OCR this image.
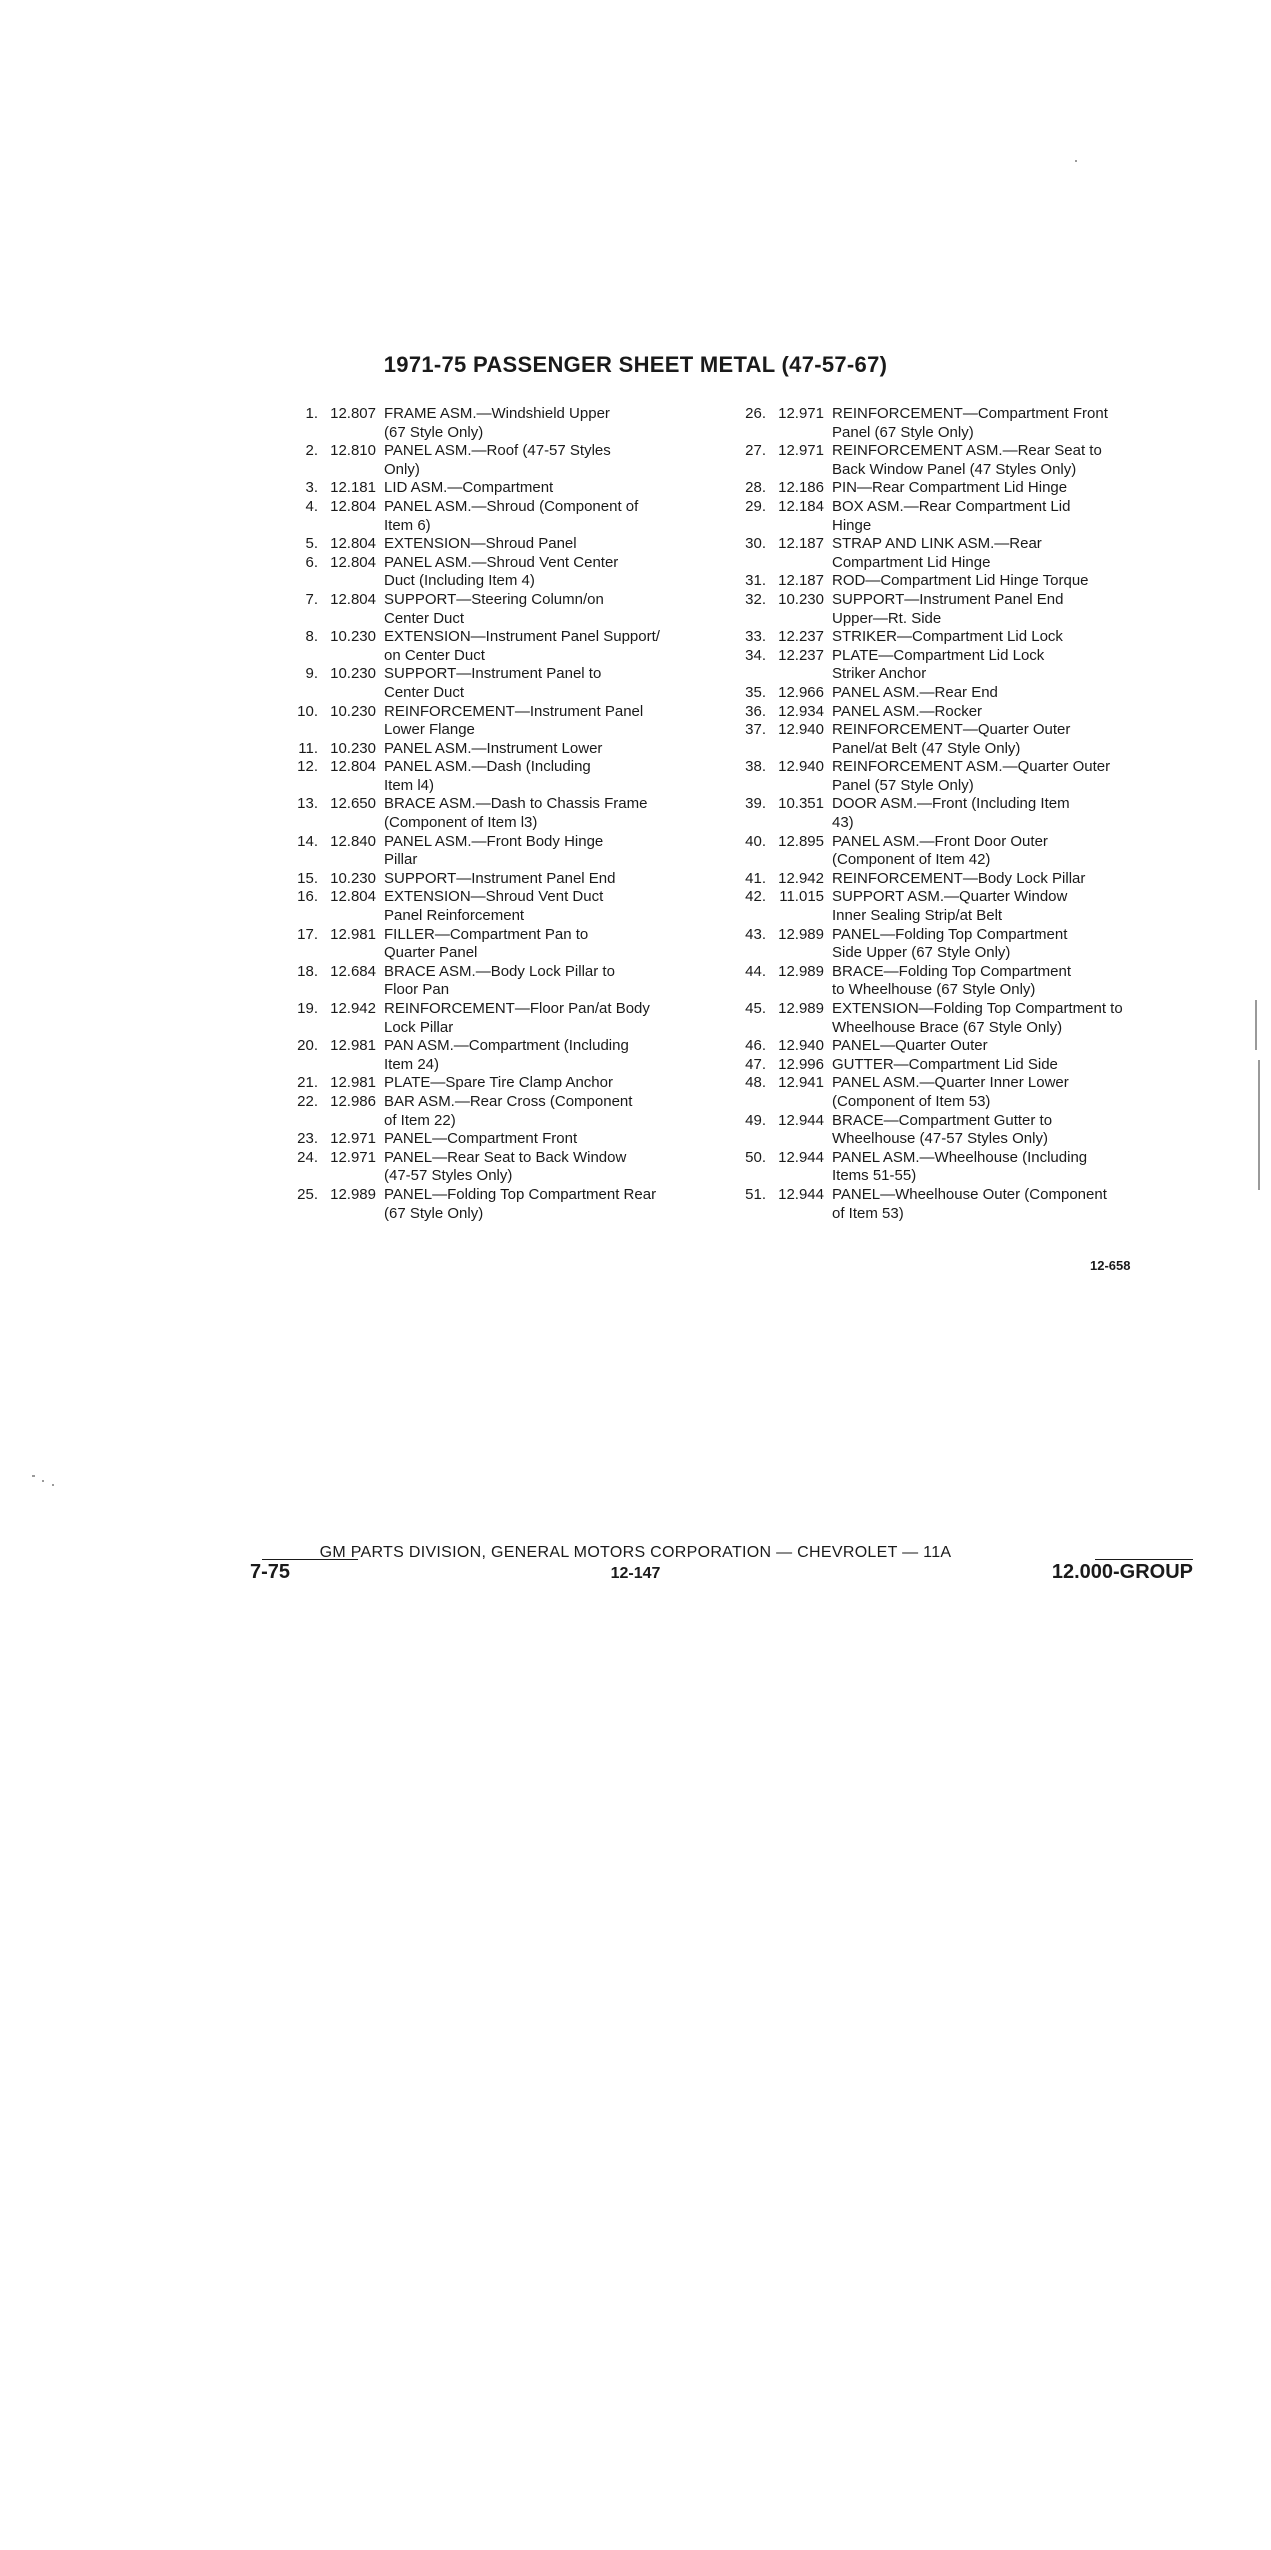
1971-75 PASSENGER SHEET METAL (47-57-67)
1. 12.807 FRAME ASM.—Windshield Upper
(67 Style Only)
2. 12.810 PANEL ASM.—Roof (47-57 Styles
Only)
3. 12.181 LID ASM.—Compartment
4. 12.804 PANEL ASM.—Shroud (Component of
Item 6)
5. 12.804 EXTENSION—Shroud Panel
6. 12.804 PANEL ASM.—Shroud Vent Center
Duct (Including Item 4)
7. 12.804 SUPPORT—Steering Column/on
Center Duct
8. 10.230 EXTENSION—Instrument Panel Support/
on Center Duct
9. 10.230 SUPPORT—Instrument Panel to
Center Duct
10. 10.230 REINFORCEMENT—Instrument Panel
Lower Flange
11. 10.230 PANEL ASM.—Instrument Lower
12. 12.804 PANEL ASM.—Dash (Including
Item l4)
13. 12.650 BRACE ASM.—Dash to Chassis Frame
(Component of Item l3)
14. 12.840 PANEL ASM.—Front Body Hinge
Pillar
15. 10.230 SUPPORT—Instrument Panel End
16. 12.804 EXTENSION—Shroud Vent Duct
Panel Reinforcement
17. 12.981 FILLER—Compartment Pan to
Quarter Panel
18. 12.684 BRACE ASM.—Body Lock Pillar to
Floor Pan
19. 12.942 REINFORCEMENT—Floor Pan/at Body
Lock Pillar
20. 12.981 PAN ASM.—Compartment (Including
Item 24)
21. 12.981 PLATE—Spare Tire Clamp Anchor
22. 12.986 BAR ASM.—Rear Cross (Component
of Item 22)
23. 12.971 PANEL—Compartment Front
24. 12.971 PANEL—Rear Seat to Back Window
(47-57 Styles Only)
25. 12.989 PANEL—Folding Top Compartment Rear
(67 Style Only)
26. 12.971 REINFORCEMENT—Compartment Front
Panel (67 Style Only)
27. 12.971 REINFORCEMENT ASM.—Rear Seat to
Back Window Panel (47 Styles Only)
28. 12.186 PIN—Rear Compartment Lid Hinge
29. 12.184 BOX ASM.—Rear Compartment Lid
Hinge
30. 12.187 STRAP AND LINK ASM.—Rear
Compartment Lid Hinge
31. 12.187 ROD—Compartment Lid Hinge Torque
32. 10.230 SUPPORT—Instrument Panel End
Upper—Rt. Side
33. 12.237 STRIKER—Compartment Lid Lock
34. 12.237 PLATE—Compartment Lid Lock
Striker Anchor
35. 12.966 PANEL ASM.—Rear End
36. 12.934 PANEL ASM.—Rocker
37. 12.940 REINFORCEMENT—Quarter Outer
Panel/at Belt (47 Style Only)
38. 12.940 REINFORCEMENT ASM.—Quarter Outer
Panel (57 Style Only)
39. 10.351 DOOR ASM.—Front (Including Item
43)
40. 12.895 PANEL ASM.—Front Door Outer
(Component of Item 42)
41. 12.942 REINFORCEMENT—Body Lock Pillar
42. 11.015 SUPPORT ASM.—Quarter Window
Inner Sealing Strip/at Belt
43. 12.989 PANEL—Folding Top Compartment
Side Upper (67 Style Only)
44. 12.989 BRACE—Folding Top Compartment
to Wheelhouse (67 Style Only)
45. 12.989 EXTENSION—Folding Top Compartment to
Wheelhouse Brace (67 Style Only)
46. 12.940 PANEL—Quarter Outer
47. 12.996 GUTTER—Compartment Lid Side
48. 12.941 PANEL ASM.—Quarter Inner Lower
(Component of Item 53)
49. 12.944 BRACE—Compartment Gutter to
Wheelhouse (47-57 Styles Only)
50. 12.944 PANEL ASM.—Wheelhouse (Including
Items 51-55)
51. 12.944 PANEL—Wheelhouse Outer (Component
of Item 53)
12-658
GM PARTS DIVISION, GENERAL MOTORS CORPORATION — CHEVROLET — 11A
7-75	12-147	12.000-GROUP
